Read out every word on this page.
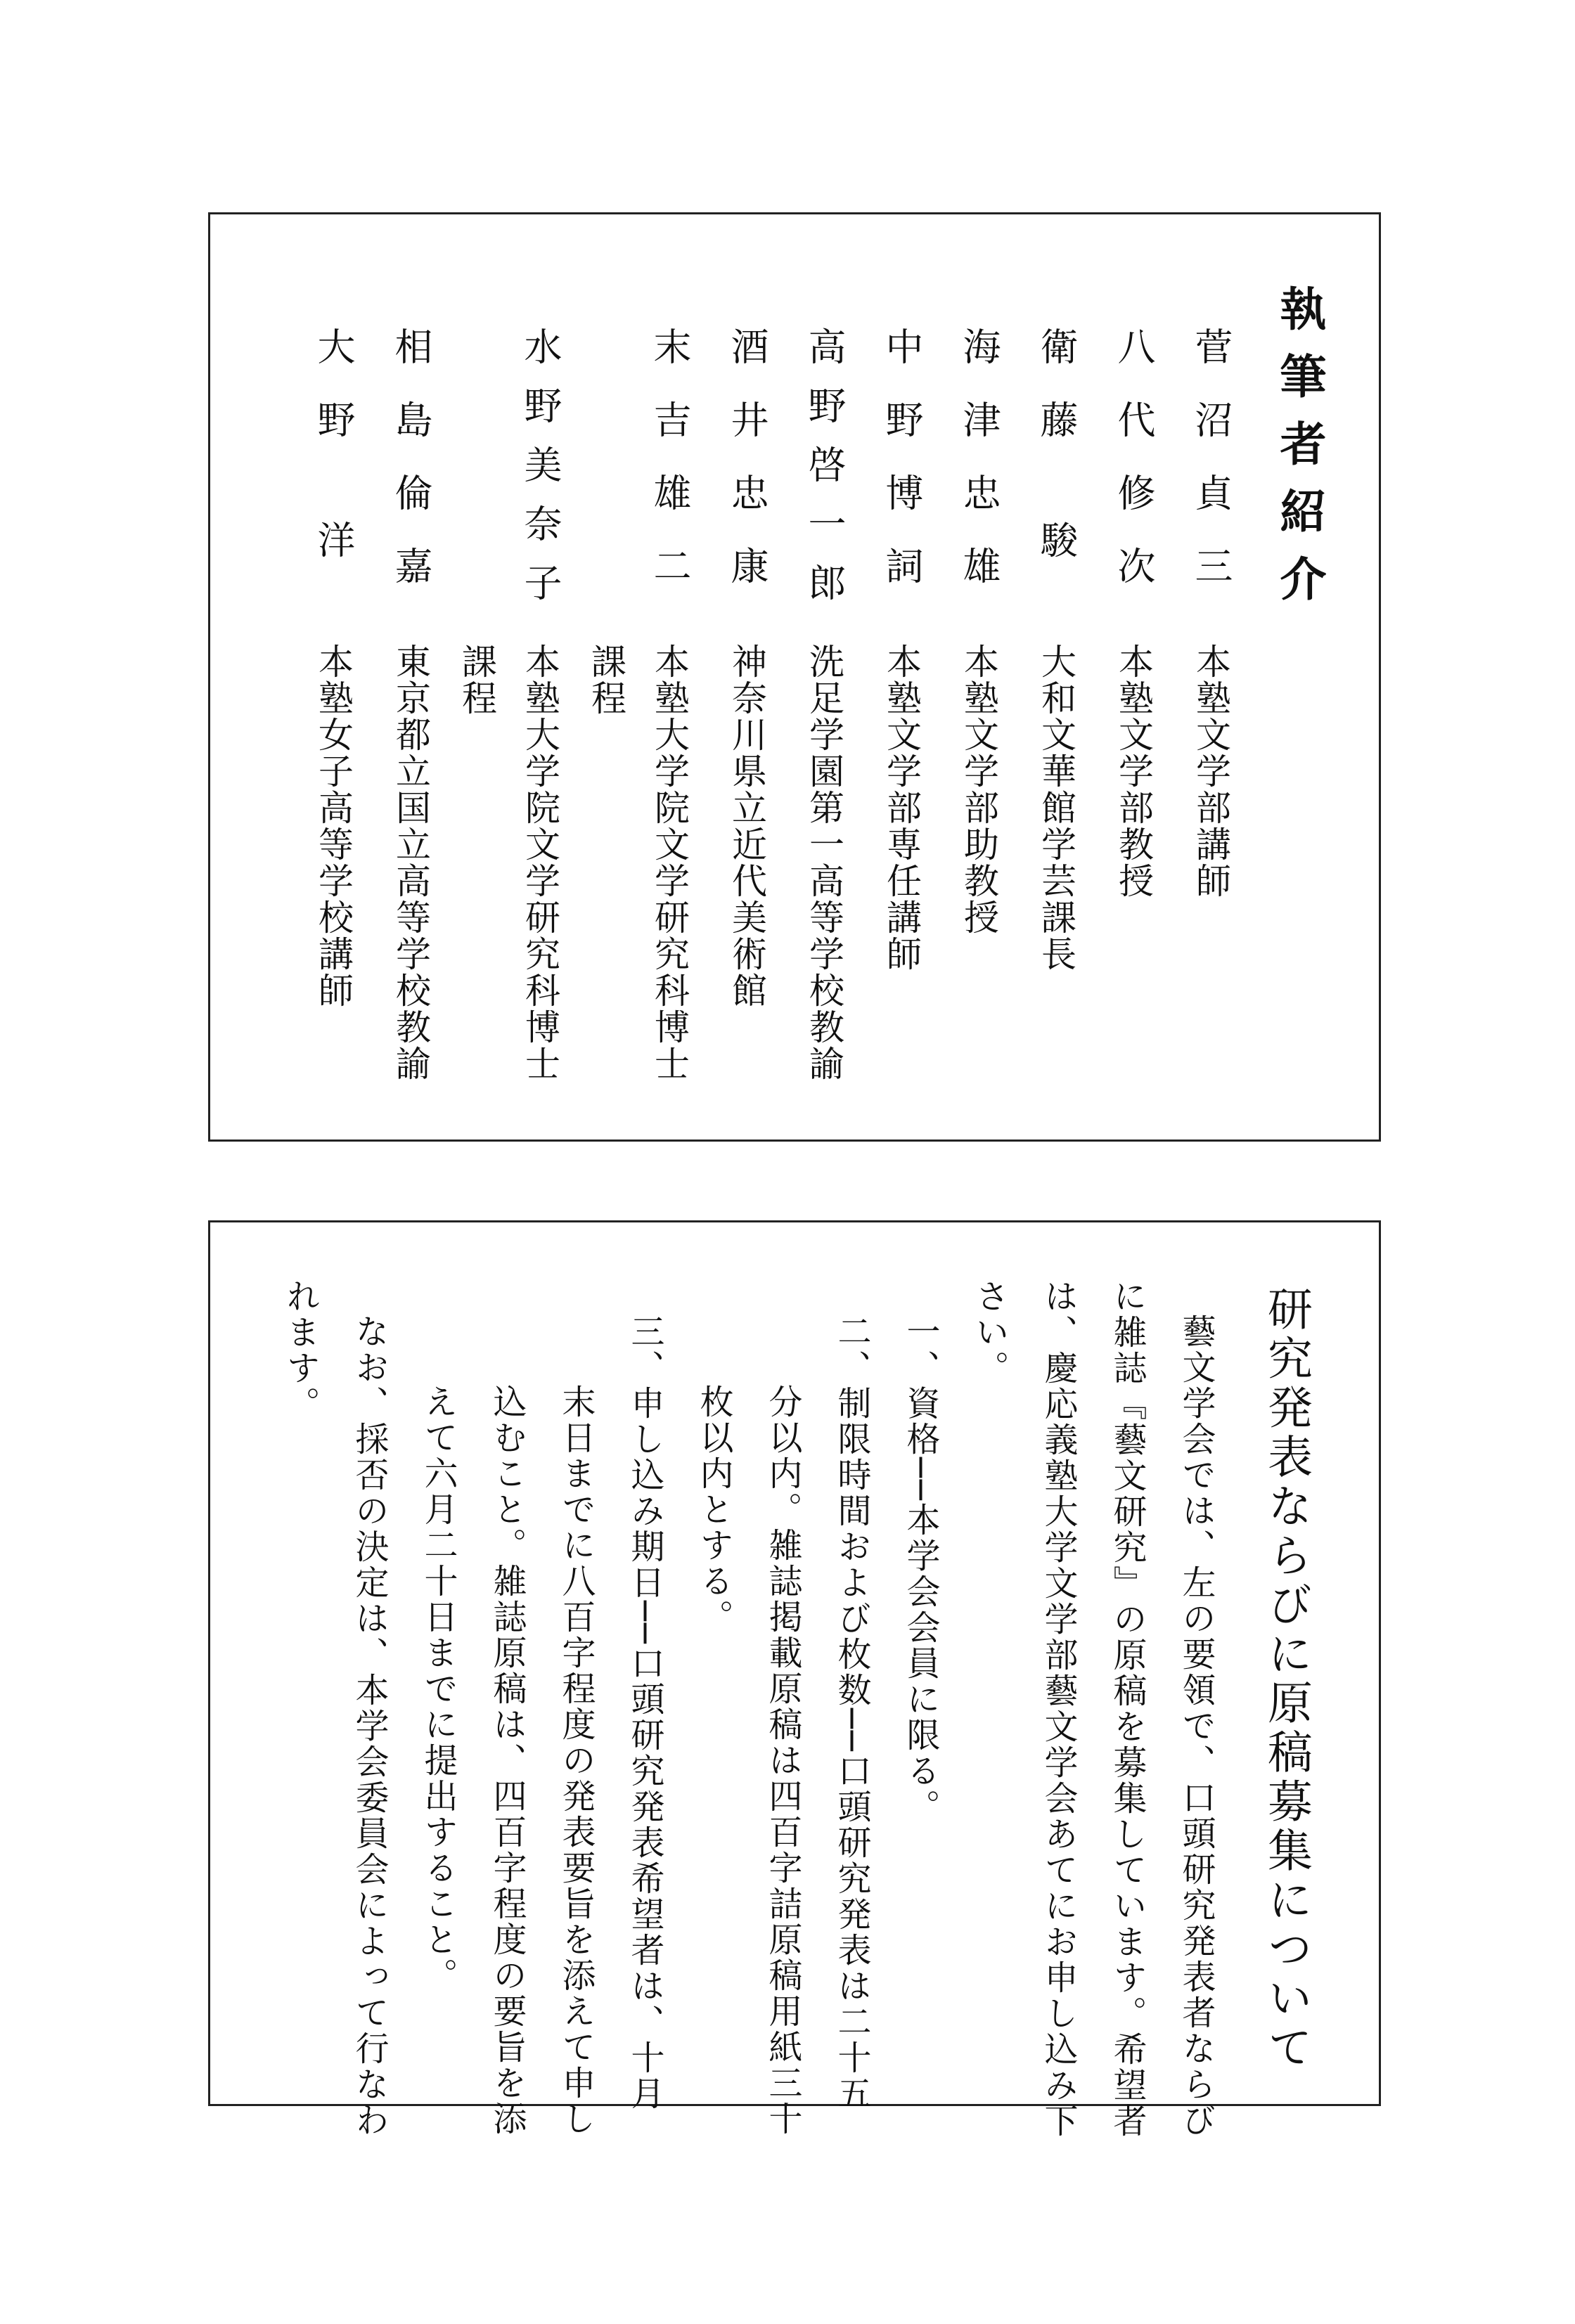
執筆者紹介
菅沼貞三
本塾文学部講師
八代修次
本塾文学部教授
衛藤 駿
大和文華館学芸課長
海津忠雄
本塾文学部助教授
中野博詞
本塾文学部専任講師
高野啓一郎
洗足学園第一高等学校教諭
酒井忠康
神奈川県立近代美術館
末吉雄二
本塾大学院文学研究科博士
課程
水野美奈子
本塾大学院文学研究科博士
課程
相島倫嘉
東京都立国立高等学校教諭
大野 洋
本塾女子高等学校講師
研究発表ならびに原稿募集について
藝文学会では、左の要領で、口頭研究発表者ならび
に雑誌『藝文研究』の原稿を募集しています。希望者
は、慶応義塾大学文学部藝文学会あてにお申し込み下
さい。
一、資格──本学会会員に限る。
二、制限時間および枚数──口頭研究発表は二十五
分以内。雑誌掲載原稿は四百字詰原稿用紙三十
枚以内とする。
三、申し込み期日──口頭研究発表希望者は、十月
末日までに八百字程度の発表要旨を添えて申し
込むこと。雑誌原稿は、四百字程度の要旨を添
えて六月二十日までに提出すること。
なお、採否の決定は、本学会委員会によって行なわ
れます。
